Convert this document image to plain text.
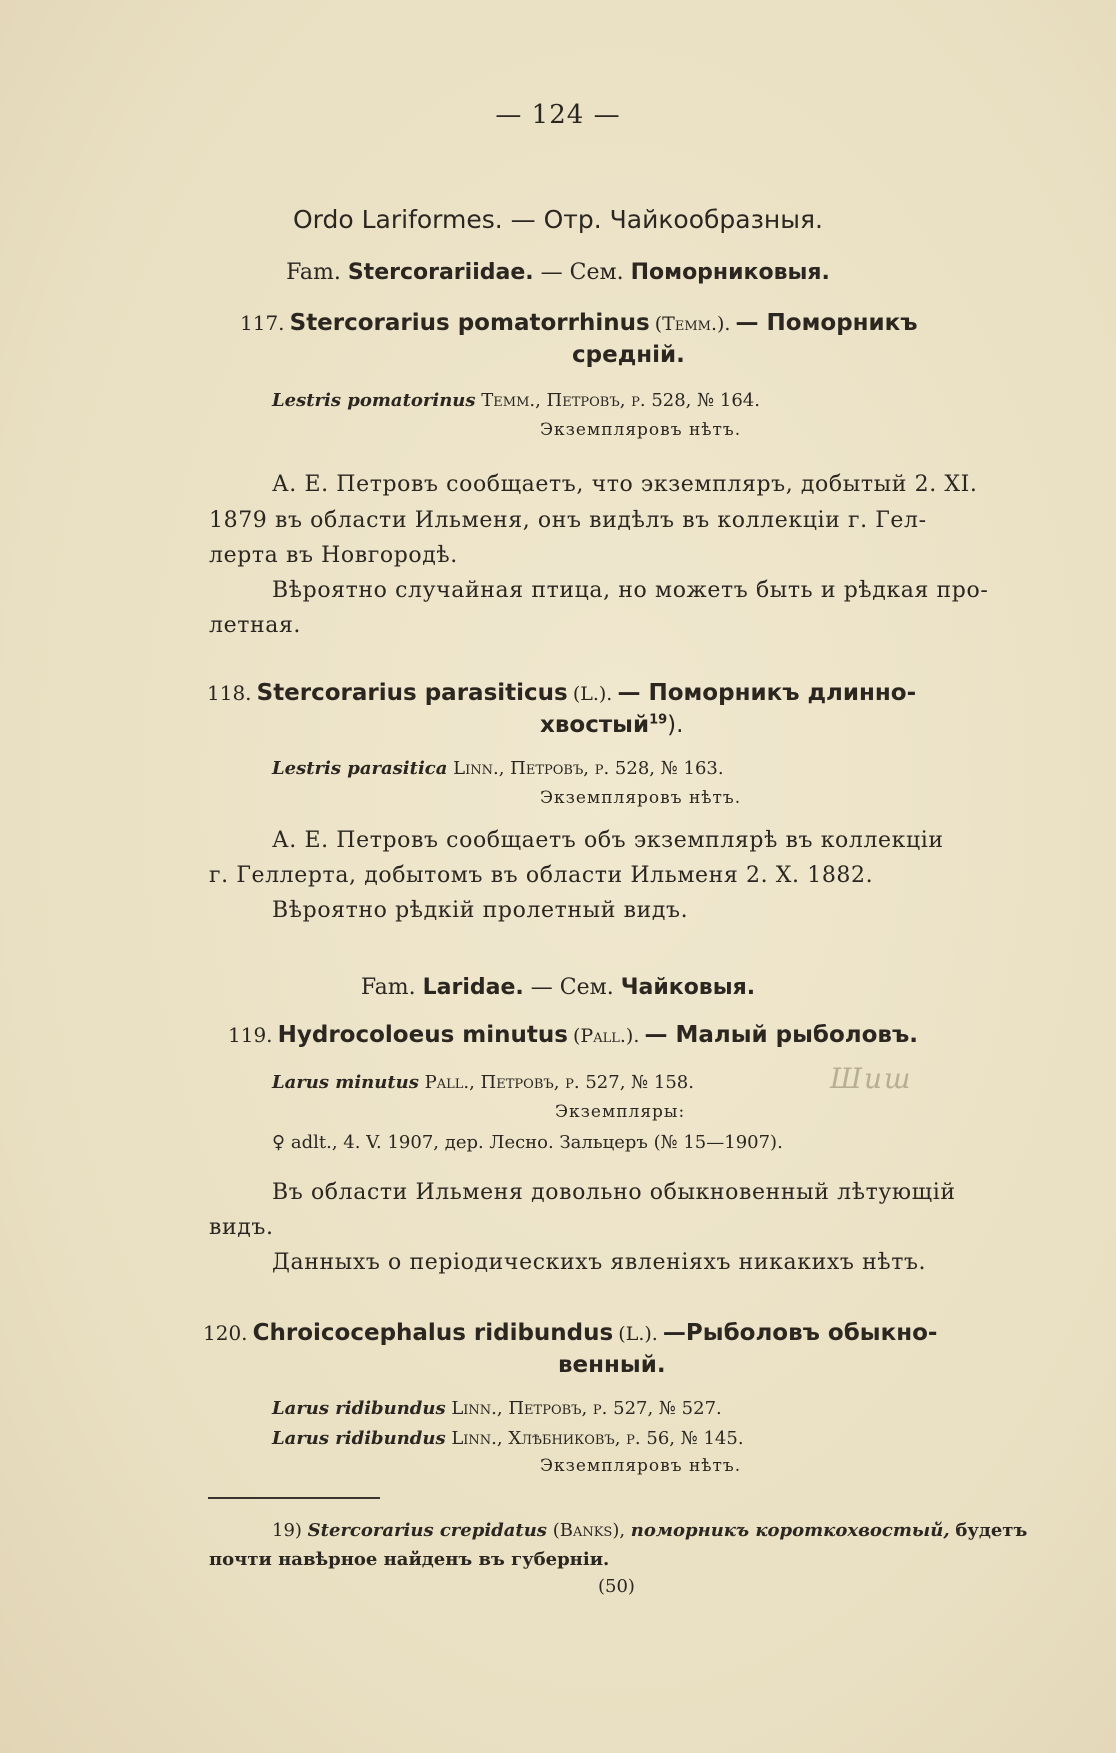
— 124 —
Ordo Lariformes. — Отр. Чайкообразныя.
Fam. Stercorariidae. — Сем. Поморниковыя.
117. Stercorarius pomatorrhinus (Темм.). — Поморникъ
средній.
Lestris pomatorinus Темм., Петровъ, р. 528, № 164.
Экземпляровъ нѣтъ.
А. Е. Петровъ сообщаетъ, что экземпляръ, добытый 2. XI.
1879 въ области Ильменя, онъ видѣлъ въ коллекціи г. Гел-
лерта въ Новгородѣ.
Вѣроятно случайная птица, но можетъ быть и рѣдкая про-
летная.
118. Stercorarius parasiticus (L.). — Поморникъ длинно-
хвостый$^{19}$).
Lestris parasitica Linn., Петровъ, р. 528, № 163.
Экземпляровъ нѣтъ.
А. Е. Петровъ сообщаетъ объ экземплярѣ въ коллекціи
г. Геллерта, добытомъ въ области Ильменя 2. X. 1882.
Вѣроятно рѣдкій пролетный видъ.
Fam. Laridae. — Сем. Чайковыя.
119. Hydrocoloeus minutus (Pall.). — Малый рыболовъ.
Larus minutus Pall., Петровъ, р. 527, № 158.	Шиш
Экземпляры:
♀ adlt., 4. V. 1907, дер. Лесно. Зальцеръ (№ 15—1907).
Въ области Ильменя довольно обыкновенный лѣтующій
видъ.
Данныхъ о періодическихъ явленіяхъ никакихъ нѣтъ.
120. Chroicocephalus ridibundus (L.). —Рыболовъ обыкно-
венный.
Larus ridibundus Linn., Петровъ, р. 527, № 527.
Larus ridibundus Linn., Хлѣбниковъ, р. 56, № 145.
Экземпляровъ нѣтъ.
19) Stercorarius crepidatus (Banks), поморникъ короткохвостый, будетъ
почти навѣрное найденъ въ губерніи.
(50)
